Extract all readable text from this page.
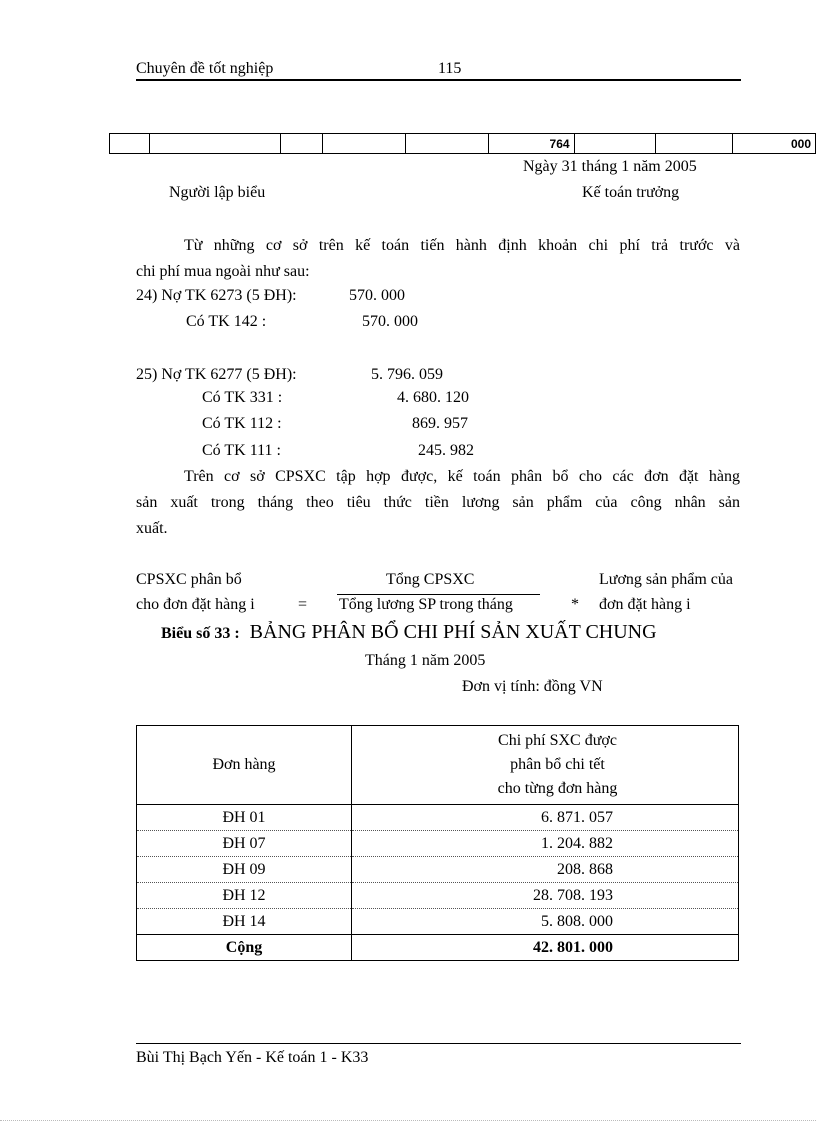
Chuyên đề tốt nghiệp	115
					764			000
Ngày 31 tháng 1 năm 2005
Người lập biểu	Kế toán trưởng
Từ những cơ sở trên kế toán tiến hành định khoản chi phí trả trước và
chi phí mua ngoài như sau:
24) Nợ TK 6273 (5 ĐH):	570. 000
Có TK 142 :	570. 000
25) Nợ TK 6277 (5 ĐH):	5. 796. 059
Có TK 331 :	4. 680. 120
Có TK 112 :	869. 957
Có TK 111 :	245. 982
Trên cơ sở CPSXC tập hợp được, kế toán phân bổ cho các đơn đặt hàng
sản xuất trong tháng theo tiêu thức tiền lương sản phẩm của công nhân sản
xuất.
CPSXC phân bổ
cho đơn đặt hàng i	=
Tổng CPSXC
Tổng lương SP trong tháng	*
Lương sản phẩm của
đơn đặt hàng i
Biểu số 33 : BẢNG PHÂN BỔ CHI PHÍ SẢN XUẤT CHUNG
Tháng 1 năm 2005
Đơn vị tính: đồng VN
Đơn hàng	Chi phí SXC được
phân bổ chi tết
cho từng đơn hàng

ĐH 01	6. 871. 057
ĐH 07	1. 204. 882
ĐH 09	208. 868
ĐH 12	28. 708. 193
ĐH 14	5. 808. 000
Cộng	42. 801. 000
Bùi Thị Bạch Yến - Kế toán 1 - K33
